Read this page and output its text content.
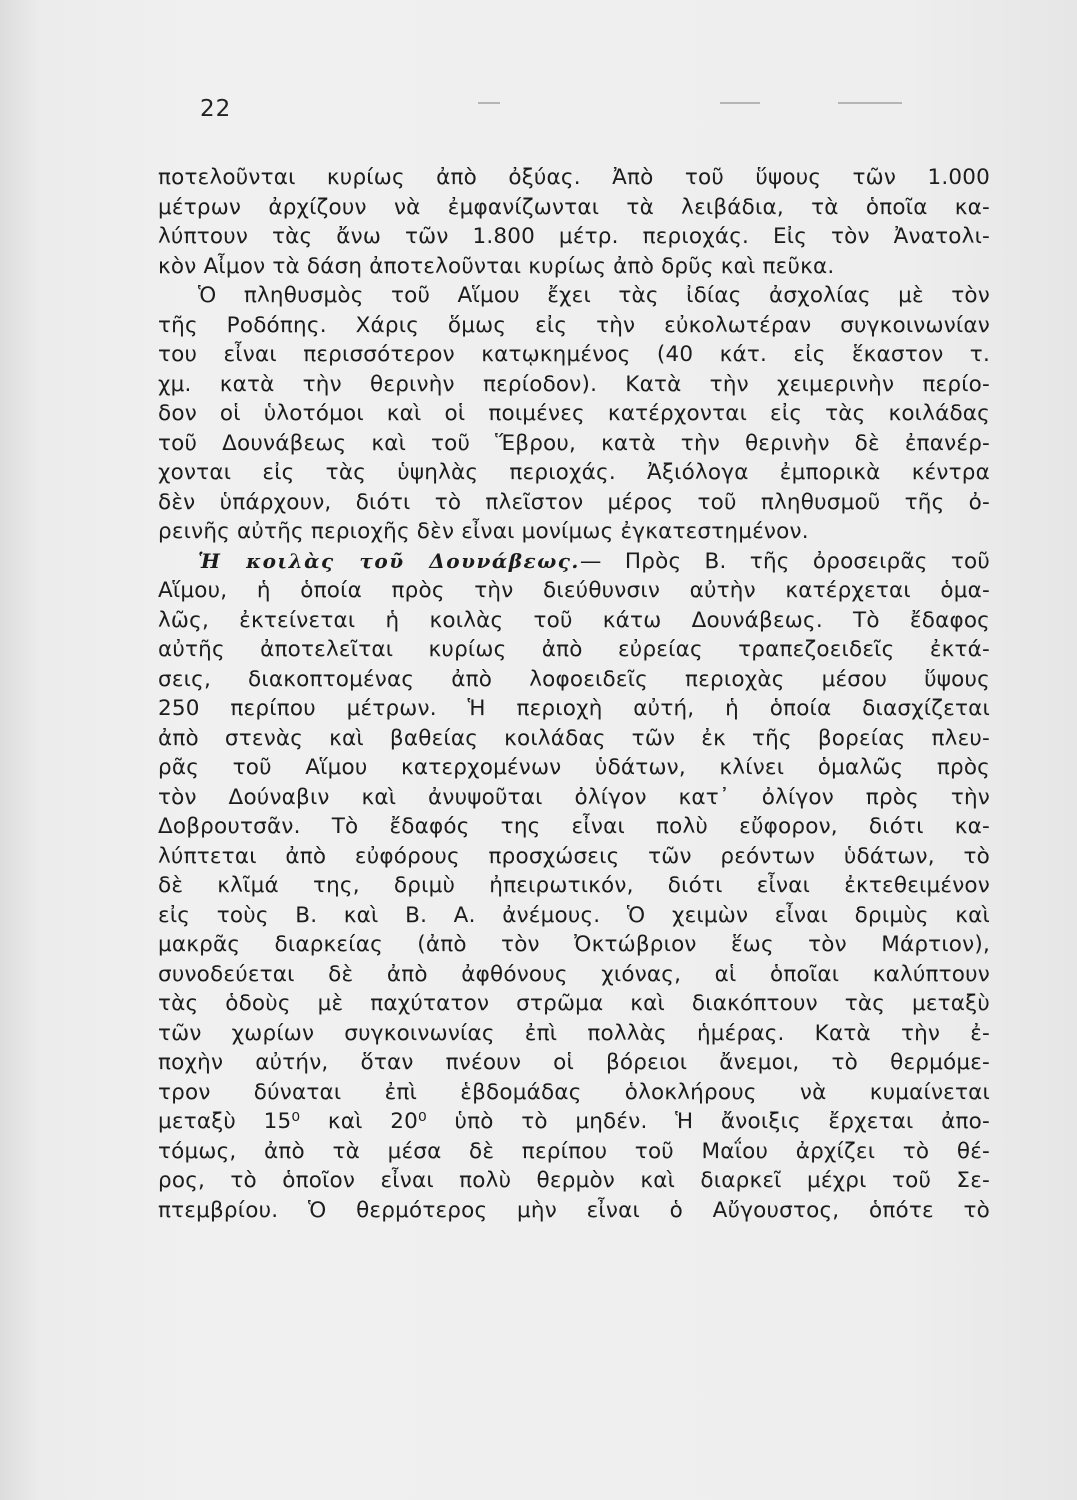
22
ποτελοῦνται κυρίως ἀπὸ ὀξύας. Ἀπὸ τοῦ ὕψους τῶν 1.000
μέτρων ἀρχίζουν νὰ ἐμφανίζωνται τὰ λειβάδια, τὰ ὁποῖα κα-
λύπτουν τὰς ἄνω τῶν 1.800 μέτρ. περιοχάς. Εἰς τὸν Ἀνατολι-
κὸν Αἶμον τὰ δάση ἀποτελοῦνται κυρίως ἀπὸ δρῦς καὶ πεῦκα.
Ὁ πληθυσμὸς τοῦ Αἵμου ἔχει τὰς ἰδίας ἀσχολίας μὲ τὸν
τῆς Ροδόπης. Χάρις ὅμως εἰς τὴν εὐκολωτέραν συγκοινωνίαν
του εἶναι περισσότερον κατῳκημένος (40 κάτ. εἰς ἕκαστον τ.
χμ. κατὰ τὴν θερινὴν περίοδον). Κατὰ τὴν χειμερινὴν περίο-
δον οἱ ὑλοτόμοι καὶ οἱ ποιμένες κατέρχονται εἰς τὰς κοιλάδας
τοῦ Δουνάβεως καὶ τοῦ Ἕβρου, κατὰ τὴν θερινὴν δὲ ἐπανέρ-
χονται εἰς τὰς ὑψηλὰς περιοχάς. Ἀξιόλογα ἐμπορικὰ κέντρα
δὲν ὑπάρχουν, διότι τὸ πλεῖστον μέρος τοῦ πληθυσμοῦ τῆς ὀ-
ρεινῆς αὐτῆς περιοχῆς δὲν εἶναι μονίμως ἐγκατεστημένον.
Ἡ κοιλὰς τοῦ Δουνάβεως.— Πρὸς Β. τῆς ὀροσειρᾶς τοῦ
Αἵμου, ἡ ὁποία πρὸς τὴν διεύθυνσιν αὐτὴν κατέρχεται ὁμα-
λῶς, ἐκτείνεται ἡ κοιλὰς τοῦ κάτω Δουνάβεως. Τὸ ἔδαφος
αὐτῆς ἀποτελεῖται κυρίως ἀπὸ εὐρείας τραπεζοειδεῖς ἐκτά-
σεις, διακοπτομένας ἀπὸ λοφοειδεῖς περιοχὰς μέσου ὕψους
250 περίπου μέτρων. Ἡ περιοχὴ αὐτή, ἡ ὁποία διασχίζεται
ἀπὸ στενὰς καὶ βαθείας κοιλάδας τῶν ἐκ τῆς βορείας πλευ-
ρᾶς τοῦ Αἵμου κατερχομένων ὑδάτων, κλίνει ὁμαλῶς πρὸς
τὸν Δούναβιν καὶ ἀνυψοῦται ὀλίγον κατ᾽ ὀλίγον πρὸς τὴν
Δοβρουτσᾶν. Τὸ ἔδαφός της εἶναι πολὺ εὔφορον, διότι κα-
λύπτεται ἀπὸ εὐφόρους προσχώσεις τῶν ρεόντων ὑδάτων, τὸ
δὲ κλῖμά της, δριμὺ ἠπειρωτικόν, διότι εἶναι ἐκτεθειμένον
εἰς τοὺς Β. καὶ Β. Α. ἀνέμους. Ὁ χειμὼν εἶναι δριμὺς καὶ
μακρᾶς διαρκείας (ἀπὸ τὸν Ὀκτώβριον ἕως τὸν Μάρτιον),
συνοδεύεται δὲ ἀπὸ ἀφθόνους χιόνας, αἱ ὁποῖαι καλύπτουν
τὰς ὁδοὺς μὲ παχύτατον στρῶμα καὶ διακόπτουν τὰς μεταξὺ
τῶν χωρίων συγκοινωνίας ἐπὶ πολλὰς ἡμέρας. Κατὰ τὴν ἐ-
ποχὴν αὐτήν, ὅταν πνέουν οἱ βόρειοι ἄνεμοι, τὸ θερμόμε-
τρον δύναται ἐπὶ ἑβδομάδας ὁλοκλήρους νὰ κυμαίνεται
μεταξὺ 15⁰ καὶ 20⁰ ὑπὸ τὸ μηδέν. Ἡ ἄνοιξις ἔρχεται ἀπο-
τόμως, ἀπὸ τὰ μέσα δὲ περίπου τοῦ Μαΐου ἀρχίζει τὸ θέ-
ρος, τὸ ὁποῖον εἶναι πολὺ θερμὸν καὶ διαρκεῖ μέχρι τοῦ Σε-
πτεμβρίου. Ὁ θερμότερος μὴν εἶναι ὁ Αὔγουστος, ὁπότε τὸ
